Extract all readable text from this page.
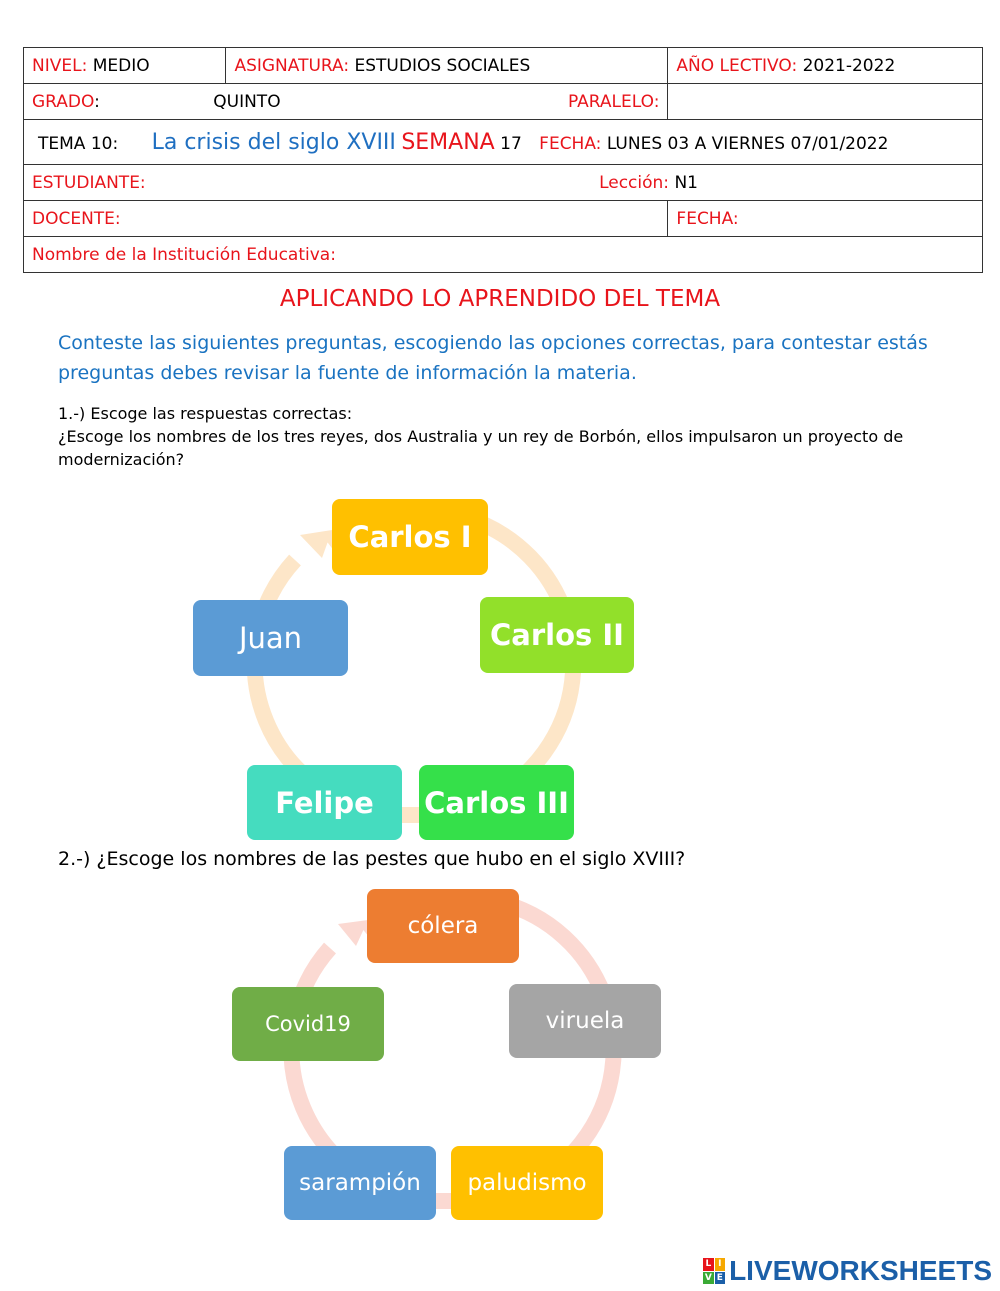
NIVEL: MEDIO	ASIGNATURA: ESTUDIOS SOCIALES	AÑO LECTIVO: 2021-2022
GRADO: QUINTO PARALELO:		
TEMA 10: La crisis del siglo XVIII SEMANA 17 FECHA: LUNES 03 A VIERNES 07/01/2022		
ESTUDIANTE: Lección: N1		
DOCENTE:		FECHA:
Nombre de la Institución Educativa:		
APLICANDO LO APRENDIDO DEL TEMA
Conteste las siguientes preguntas, escogiendo las opciones correctas, para contestar estás preguntas debes revisar la fuente de información la materia.
1.-) Escoge las respuestas correctas:
¿Escoge los nombres de los tres reyes, dos Australia y un rey de Borbón, ellos impulsaron un proyecto de modernización?
Carlos I
Carlos II
Carlos III
Felipe
Juan
2.-) ¿Escoge los nombres de las pestes que hubo en el siglo XVIII?
cólera
viruela
paludismo
sarampión
Covid19
L I
V E LIVEWORKSHEETS
